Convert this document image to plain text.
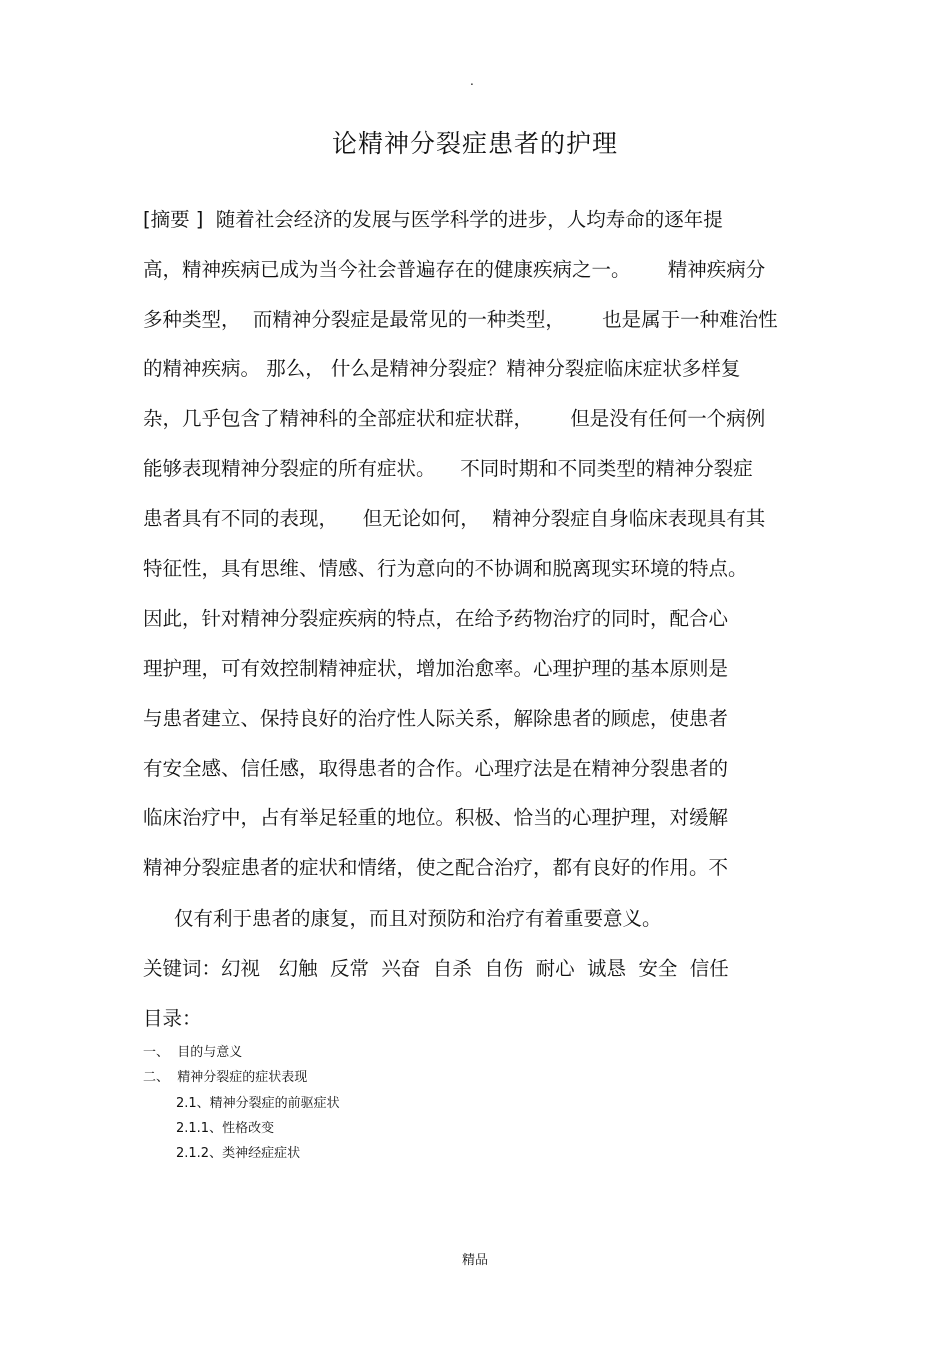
.
论精神分裂症患者的护理
[摘要 ]  随着社会经济的发展与医学科学的进步，人均寿命的逐年提
高，精神疾病已成为当今社会普遍存在的健康疾病之一。      精神疾病分
多种类型，  而精神分裂症是最常见的一种类型，      也是属于一种难治性
的精神疾病。 那么， 什么是精神分裂症？精神分裂症临床症状多样复
杂，几乎包含了精神科的全部症状和症状群，      但是没有任何一个病例
能够表现精神分裂症的所有症状。    不同时期和不同类型的精神分裂症
患者具有不同的表现，    但无论如何，  精神分裂症自身临床表现具有其
特征性，具有思维、情感、行为意向的不协调和脱离现实环境的特点。
因此，针对精神分裂症疾病的特点，在给予药物治疗的同时，配合心
理护理，可有效控制精神症状，增加治愈率。心理护理的基本原则是
与患者建立、保持良好的治疗性人际关系，解除患者的顾虑，使患者
有安全感、信任感，取得患者的合作。心理疗法是在精神分裂患者的
临床治疗中，占有举足轻重的地位。积极、恰当的心理护理，对缓解
精神分裂症患者的症状和情绪，使之配合治疗，都有良好的作用。不
仅有利于患者的康复，而且对预防和治疗有着重要意义。
关键词：幻视   幻触  反常  兴奋  自杀  自伤  耐心  诚恳  安全  信任
目录：
一、  目的与意义
二、  精神分裂症的症状表现
2.1、精神分裂症的前驱症状
2.1.1、性格改变
2.1.2、类神经症症状
精品
